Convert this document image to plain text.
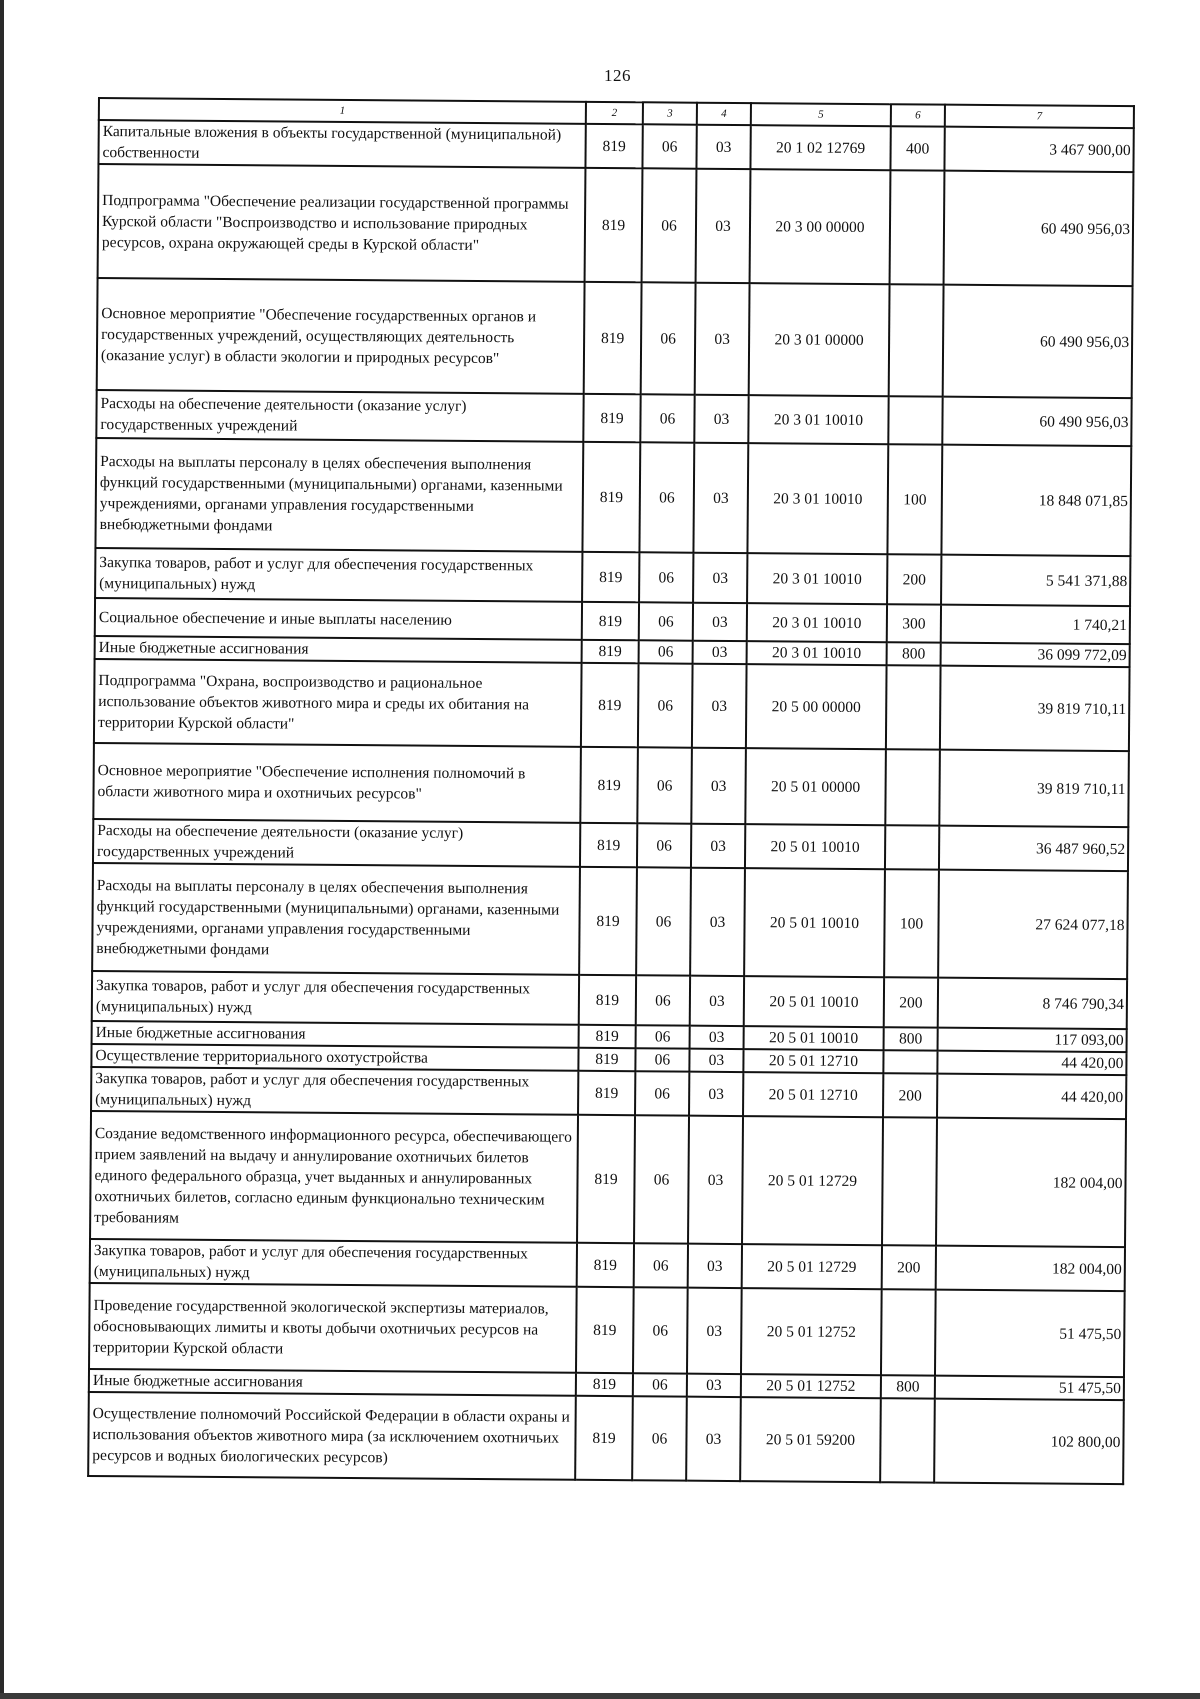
126
1	2	3	4	5	6	7
Капитальные вложения в объекты государственной (муниципальной) собственности	819	06	03	20 1 02 12769	400	3 467 900,00
Подпрограмма "Обеспечение реализации государственной программы Курской области "Воспроизводство и использование природных ресурсов, охрана окружающей среды в Курской области"	819	06	03	20 3 00 00000		60 490 956,03
Основное мероприятие "Обеспечение государственных органов и государственных учреждений, осуществляющих деятельность (оказание услуг) в области экологии и природных ресурсов"	819	06	03	20 3 01 00000		60 490 956,03
Расходы на обеспечение деятельности (оказание услуг) государственных учреждений	819	06	03	20 3 01 10010		60 490 956,03
Расходы на выплаты персоналу в целях обеспечения выполнения функций государственными (муниципальными) органами, казенными учреждениями, органами управления государственными внебюджетными фондами	819	06	03	20 3 01 10010	100	18 848 071,85
Закупка товаров, работ и услуг для обеспечения государственных (муниципальных) нужд	819	06	03	20 3 01 10010	200	5 541 371,88
Социальное обеспечение и иные выплаты населению	819	06	03	20 3 01 10010	300	1 740,21
Иные бюджетные ассигнования	819	06	03	20 3 01 10010	800	36 099 772,09
Подпрограмма "Охрана, воспроизводство и рациональное использование объектов животного мира и среды их обитания на территории Курской области"	819	06	03	20 5 00 00000		39 819 710,11
Основное мероприятие "Обеспечение исполнения полномочий в области животного мира и охотничьих ресурсов"	819	06	03	20 5 01 00000		39 819 710,11
Расходы на обеспечение деятельности (оказание услуг) государственных учреждений	819	06	03	20 5 01 10010		36 487 960,52
Расходы на выплаты персоналу в целях обеспечения выполнения функций государственными (муниципальными) органами, казенными учреждениями, органами управления государственными внебюджетными фондами	819	06	03	20 5 01 10010	100	27 624 077,18
Закупка товаров, работ и услуг для обеспечения государственных (муниципальных) нужд	819	06	03	20 5 01 10010	200	8 746 790,34
Иные бюджетные ассигнования	819	06	03	20 5 01 10010	800	117 093,00
Осуществление территориального охотустройства	819	06	03	20 5 01 12710		44 420,00
Закупка товаров, работ и услуг для обеспечения государственных (муниципальных) нужд	819	06	03	20 5 01 12710	200	44 420,00
Создание ведомственного информационного ресурса, обеспечивающего прием заявлений на выдачу и аннулирование охотничьих билетов единого федерального образца, учет выданных и аннулированных охотничьих билетов, согласно единым функционально техническим требованиям	819	06	03	20 5 01 12729		182 004,00
Закупка товаров, работ и услуг для обеспечения государственных (муниципальных) нужд	819	06	03	20 5 01 12729	200	182 004,00
Проведение государственной экологической экспертизы материалов, обосновывающих лимиты и квоты добычи охотничьих ресурсов на территории Курской области	819	06	03	20 5 01 12752		51 475,50
Иные бюджетные ассигнования	819	06	03	20 5 01 12752	800	51 475,50
Осуществление полномочий Российской Федерации в области охраны и использования объектов животного мира (за исключением охотничьих ресурсов и водных биологических ресурсов)	819	06	03	20 5 01 59200		102 800,00
